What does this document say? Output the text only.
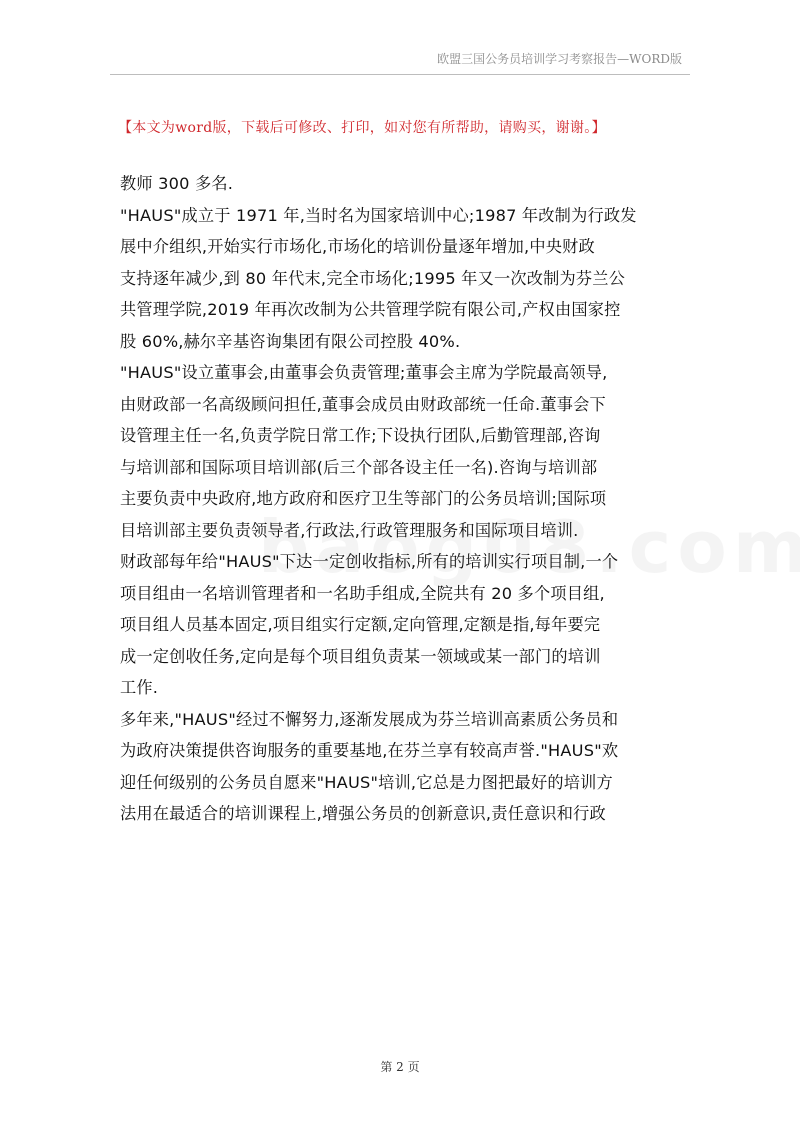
欧盟三国公务员培训学习考察报告—WORD版
【本文为word版，下载后可修改、打印，如对您有所帮助，请购买，谢谢。】

教师 300 多名.

"HAUS"成立于 1971 年,当时名为国家培训中心;1987 年改制为行政发
展中介组织,开始实行市场化,市场化的培训份量逐年增加,中央财政
支持逐年减少,到 80 年代末,完全市场化;1995 年又一次改制为芬兰公
共管理学院,2019 年再次改制为公共管理学院有限公司,产权由国家控
股 60%,赫尔辛基咨询集团有限公司控股 40%.

"HAUS"设立董事会,由董事会负责管理;董事会主席为学院最高领导,
由财政部一名高级顾问担任,董事会成员由财政部统一任命.董事会下
设管理主任一名,负责学院日常工作;下设执行团队,后勤管理部,咨询
与培训部和国际项目培训部(后三个部各设主任一名).咨询与培训部
主要负责中央政府,地方政府和医疗卫生等部门的公务员培训;国际项
目培训部主要负责领导者,行政法,行政管理服务和国际项目培训.

财政部每年给"HAUS"下达一定创收指标,所有的培训实行项目制,一个
项目组由一名培训管理者和一名助手组成,全院共有 20 多个项目组,
项目组人员基本固定,项目组实行定额,定向管理,定额是指,每年要完
成一定创收任务,定向是每个项目组负责某一领域或某一部门的培训
工作.

多年来,"HAUS"经过不懈努力,逐渐发展成为芬兰培训高素质公务员和
为政府决策提供咨询服务的重要基地,在芬兰享有较高声誉."HAUS"欢
迎任何级别的公务员自愿来"HAUS"培训,它总是力图把最好的培训方
法用在最适合的培训课程上,增强公务员的创新意识,责任意识和行政

第 2 页
